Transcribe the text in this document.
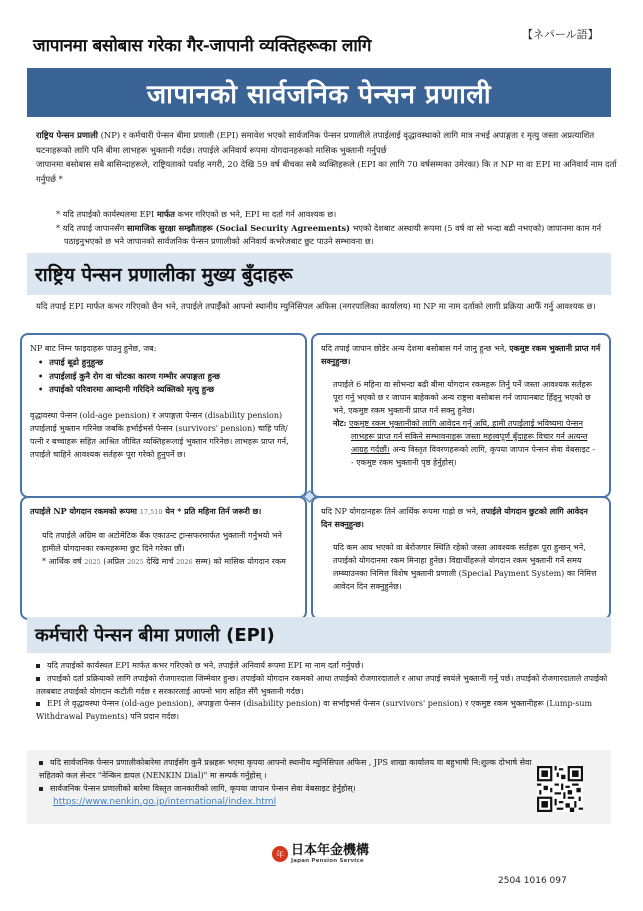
【ネパール語】
जापानमा बसोबास गरेका गैर-जापानी व्यक्तिहरूका लागि
जापानको सार्वजनिक पेन्सन प्रणाली

राष्ट्रिय पेन्सन प्रणाली (NP) र कर्मचारी पेन्सन बीमा प्रणाली (EPI) समावेश भएको सार्वजनिक पेन्सन प्रणालीले तपाईलाई वृद्धावस्थाको लागि मात्र नभई अपाङ्गता र मृत्यु जस्ता अप्रत्याशित घटनाहरूको लागि पनि बीमा लाभहरू भुक्तानी गर्दछ। तपाईले अनिवार्य रूपमा योगदानहरूको मासिक भुक्तानी गर्नुपर्छ

जापानमा बसोबास सबै बासिन्दाहरूले, राष्ट्रियताको पर्वाह नगरी, 20 देखि 59 वर्ष बीचका सबै व्यक्तिहरूले (EPI का लागि 70 वर्षसम्मका उमेरका) कि त NP मा वा EPI मा अनिवार्य नाम दर्ता गर्नुपर्छ *

* यदि तपाईको कार्यस्थलमा EPI मार्फत कभर गरिएको छ भने, EPI मा दर्ता गर्न आवश्यक छ।

* यदि तपाई जापानसँग सामाजिक सुरक्षा सम्झौताहरू (Social Security Agreements) भएको देशबाट अस्थायी रूपमा (5 वर्ष वा सो भन्दा बढी नभएको) जापानमा काम गर्न पठाइनुभएको छ भने जापानको सार्वजनिक पेन्सन प्रणालीको अनिवार्य कभरेजबाट छुट पाउने सम्भावना छ।

राष्ट्रिय पेन्सन प्रणालीका मुख्य बुँदाहरू
यदि तपाई EPI मार्फत कभर गरिएको छैन भने, तपाईले तपाईँको आफ्नो स्थानीय म्युनिसिपल अफिस (नगरपालिका कार्यालय) मा NP मा नाम दर्ताको लागी प्रक्रिया आफैँ गर्नु आवश्यक छ।

NP बाट निम्न फाइदाहरू पाउनु हुनेछ, जब:

• तपाई बूढो हुनुहुन्छ
• तपाईलाई कुनै रोग वा चोटका कारण गम्भीर अपाङ्गता हुन्छ
• तपाईको परिवारमा आम्दानी गरिदिने व्यक्तिको मृत्यु हुन्छ

वृद्धावस्था पेन्सन (old-age pension) र अपाङ्गता पेन्सन (disability pension) तपाईलाई भुक्तान गरिनेछ जबकि हर्भाईभर्स पेन्सन (survivors' pension) चाहि पति/पत्नी र बच्चाहरू सहित आश्रित जीवित व्यक्तिहरूलाई भुक्तान गरिनेछ। लाभहरू प्राप्त गर्न, तपाईले चाहिने आवश्यक सर्तहरू पूरा गरेको हुनुपर्ने छ।

यदि तपाई जापान छोडेर अन्य देशमा बसोबास गर्न जानु हुन्छ भने, एकमुष्ट रकम भुक्तानी प्राप्त गर्न सक्नुहुन्छ।

तपाईले 6 महिना वा सोभन्दा बढी बीमा योगदान रकमहरू तिर्नु पर्ने जस्ता आवश्यक सर्तहरू पूरा गर्नु भएको छ र जापान बाहेकको अन्य राष्ट्रमा बसोबास गर्न जापानबाट हिँड्नु भएको छ भने, एकमुष्ट रकम भुक्तानी प्राप्त गर्न सक्नु हुनेछ।

नोट: एकमुष्ट रकम भुक्तानीको लागि आवेदन गर्नु अघि, हामी तपाईलाई भविष्यमा पेन्सन लाभहरू प्राप्त गर्न सकिने सम्भावनाहरू जस्ता महत्त्वपूर्ण बुँदाहरू विचार गर्न अत्यन्त आग्रह गर्दछौं। अन्य विस्तृत विवरणहरूको लागि, कृपया जापान पेन्सन सेवा वेबसाइट -- एकमुष्ट रकम भुक्तानी पृष्ठ हेर्नुहोस्।

तपाईले NP योगदान रकमको रूपमा 17,510 येन * प्रति महिना तिर्न जरूरी छ।

यदि तपाईले अग्रिम वा अटोमेटिक बैंक एकाउन्ट ट्रान्सफरमार्फत भुक्तानी गर्नुभयो भने हामीले योगदानका रकमहरूमा छुट दिने गरेका छौं।

* आर्थिक वर्ष 2025 (अप्रिल 2025 देखि मार्च 2026 सम्म) को मासिक योगदान रकम

यदि NP योगदानहरू तिर्न आर्थिक रूपमा गाह्रो छ भने, तपाईले योगदान छुटको लागि आवेदन दिन सक्नुहुन्छ।

यदि कम आय भएको वा बेरोजगार स्थिति रहेको जस्ता आवश्यक सर्तहरू पूरा हुन्छन् भने, तपाईको योगदानमा रकम मिनाहा हुनेछ। विद्यार्थीहरूले योगदान रकम भुक्तानी गर्ने समय लम्ब्याउनका निमित्त विशेष भुक्तानी प्रणाली (Special Payment System) का निमित्त आवेदन दिन सक्नुहुनेछ।

कर्मचारी पेन्सन बीमा प्रणाली (EPI)

यदि तपाईको कार्यस्थल EPI मार्फत कभर गरिएको छ भने, तपाईले अनिवार्य रूपमा EPI मा नाम दर्ता गर्नुपर्छ।

तपाईको दर्ता प्रक्रियाको लागि तपाईको रोजगारदाता जिम्मेवार हुन्छ। तपाईको योगदान रकमको आधा तपाईको रोजगारदाताले र आधा तपाई स्वयंले भुक्तानी गर्नु पर्छ। तपाईको रोजगारदाताले तपाईको तलबबाट तपाईको योगदान कटौती गर्दछ र सरकारलाई आफ्नो भाग सहित सँगै भुक्तानी गर्दछ।

EPI ले वृद्धावस्था पेन्सन (old-age pension), अपाङ्गता पेन्सन (disability pension) वा सर्भाइभर्स पेन्सन (survivors' pension) र एकमुष्ट रकम भुक्तानीहरू (Lump-sum Withdrawal Payments) पनि प्रदान गर्दछ।

यदि सार्वजनिक पेन्सन प्रणालीकोबारेमा तपाईसँग कुनै प्रश्नहरू भएमा कृपया आफ्नो स्थानीय म्युनिसिपल अफिस , JPS शाखा कार्यालय वा बहुभाषी नि:शुल्क दोभाषे सेवा सहितको कल सेन्टर "नेन्किन डायल (NENKIN Dial)" मा सम्पर्क गर्नुहोस् ।

सार्वजनिक पेन्सन प्रणालीको बारेमा विस्तृत जानकारीको लागि, कृपया जापान पेन्सन सेवा वेबसाइट हेर्नुहोस्।

https://www.nenkin.go.jp/international/index.html

年 日本年金機構
Japan Pension Service
2504 1016 097
